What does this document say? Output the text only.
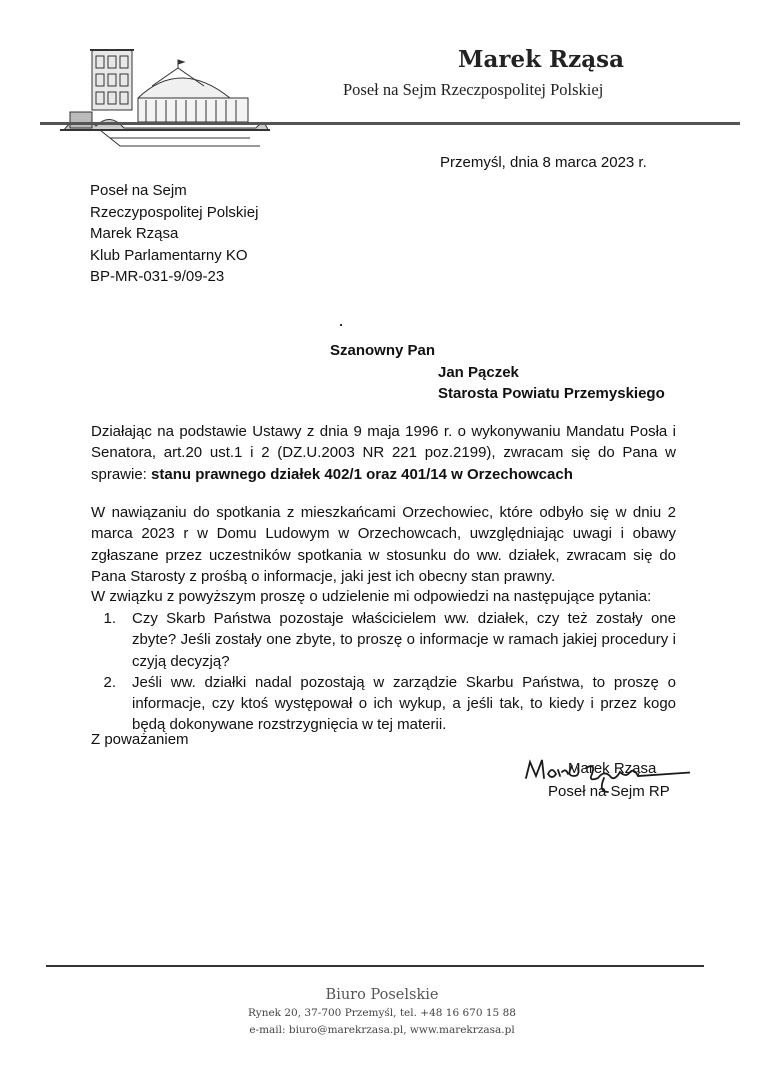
Marek Rząsa
Poseł na Sejm Rzeczpospolitej Polskiej
Przemyśl, dnia 8 marca 2023 r.
Poseł na Sejm
Rzeczypospolitej Polskiej
Marek Rząsa
Klub Parlamentarny KO
BP-MR-031-9/09-23
Szanowny Pan
Jan Pączek
Starosta Powiatu Przemyskiego
Działając na podstawie Ustawy z dnia 9 maja 1996 r. o wykonywaniu Mandatu Posła i Senatora, art.20 ust.1 i 2 (DZ.U.2003 NR 221 poz.2199), zwracam się do Pana w sprawie: stanu prawnego działek 402/1 oraz 401/14 w Orzechowcach
W nawiązaniu do spotkania z mieszkańcami Orzechowiec, które odbyło się w dniu 2 marca 2023 r w Domu Ludowym w Orzechowcach, uwzględniając uwagi i obawy zgłaszane przez uczestników spotkania w stosunku do ww. działek, zwracam się do Pana Starosty z prośbą o informacje, jaki jest ich obecny stan prawny.
W związku z powyższym proszę o udzielenie mi odpowiedzi na następujące pytania:
1. Czy Skarb Państwa pozostaje właścicielem ww. działek, czy też zostały one zbyte? Jeśli zostały one zbyte, to proszę o informacje w ramach jakiej procedury i czyją decyzją?
2. Jeśli ww. działki nadal pozostają w zarządzie Skarbu Państwa, to proszę o informacje, czy ktoś występował o ich wykup, a jeśli tak, to kiedy i przez kogo będą dokonywane rozstrzygnięcia w tej materii.
Z poważaniem
Marek Rząsa
Poseł na Sejm RP
Biuro Poselskie
Rynek 20, 37-700 Przemyśl, tel. +48 16 670 15 88
e-mail: biuro@marekrzasa.pl, www.marekrzasa.pl
